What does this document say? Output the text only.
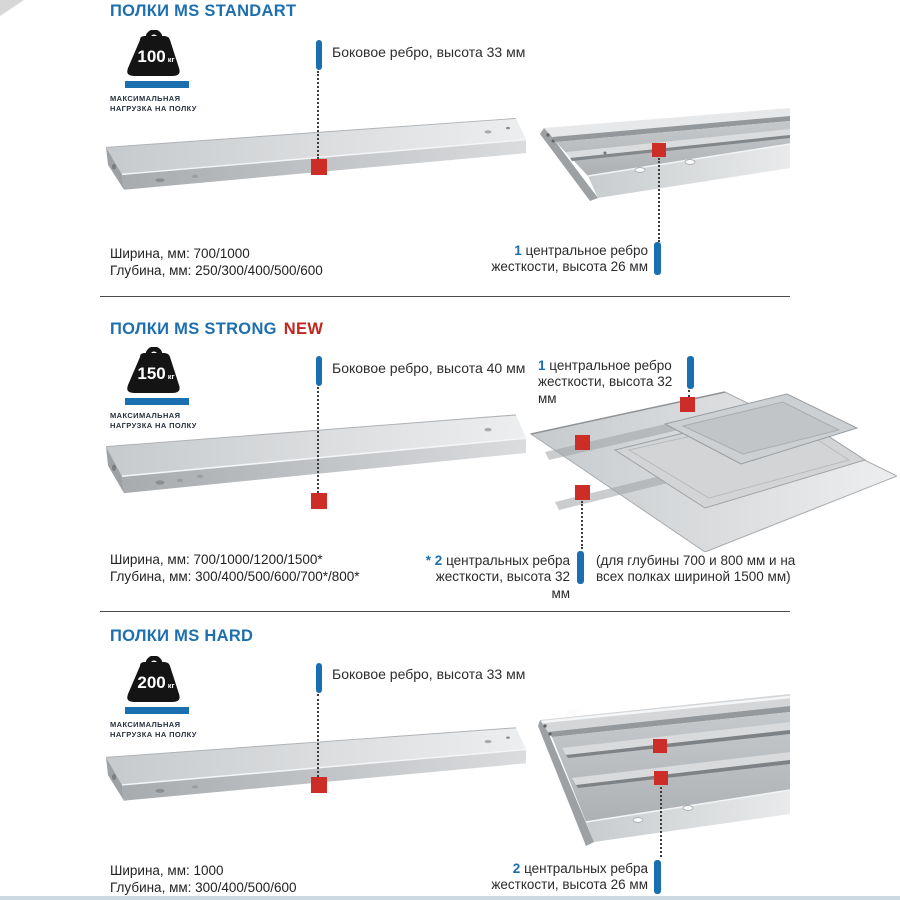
ПОЛКИ MS STANDART
100 кг
МАКСИМАЛЬНАЯ
НАГРУЗКА НА ПОЛКУ
Боковое ребро, высота 33 мм
1 центральное ребро
жесткости, высота 26 мм
Ширина, мм: 700/1000
Глубина, мм: 250/300/400/500/600
ПОЛКИ MS STRONG NEW
150 кг
МАКСИМАЛЬНАЯ
НАГРУЗКА НА ПОЛКУ
Боковое ребро, высота 40 мм 1 центральное ребро
жесткости, высота 32 мм
* 2 центральных ребра
жесткости, высота 32 мм
(для глубины 700 и 800 мм и на
всех полках шириной 1500 мм)
Ширина, мм: 700/1000/1200/1500*
Глубина, мм: 300/400/500/600/700*/800*
ПОЛКИ MS HARD
200 кг
МАКСИМАЛЬНАЯ
НАГРУЗКА НА ПОЛКУ
Боковое ребро, высота 33 мм
2 центральных ребра
жесткости, высота 26 мм
Ширина, мм: 1000
Глубина, мм: 300/400/500/600
